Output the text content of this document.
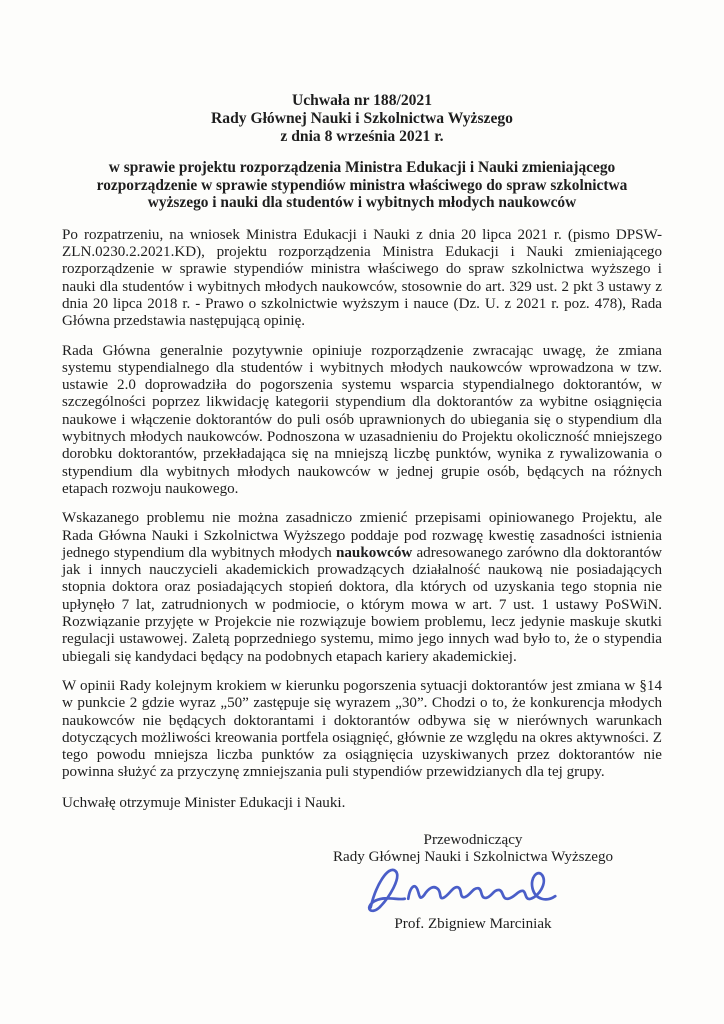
Uchwała nr 188/2021
Rady Głównej Nauki i Szkolnictwa Wyższego
z dnia 8 września 2021 r.
w sprawie projektu rozporządzenia Ministra Edukacji i Nauki zmieniającego rozporządzenie w sprawie stypendiów ministra właściwego do spraw szkolnictwa wyższego i nauki dla studentów i wybitnych młodych naukowców

Po rozpatrzeniu, na wniosek Ministra Edukacji i Nauki z dnia 20 lipca 2021 r. (pismo DPSW-ZLN.0230.2.2021.KD), projektu rozporządzenia Ministra Edukacji i Nauki zmieniającego rozporządzenie w sprawie stypendiów ministra właściwego do spraw szkolnictwa wyższego i nauki dla studentów i wybitnych młodych naukowców, stosownie do art. 329 ust. 2 pkt 3 ustawy z dnia 20 lipca 2018 r. - Prawo o szkolnictwie wyższym i nauce (Dz. U. z 2021 r. poz. 478), Rada Główna przedstawia następującą opinię.

Rada Główna generalnie pozytywnie opiniuje rozporządzenie zwracając uwagę, że zmiana systemu stypendialnego dla studentów i wybitnych młodych naukowców wprowadzona w tzw. ustawie 2.0 doprowadziła do pogorszenia systemu wsparcia stypendialnego doktorantów, w szczególności poprzez likwidację kategorii stypendium dla doktorantów za wybitne osiągnięcia naukowe i włączenie doktorantów do puli osób uprawnionych do ubiegania się o stypendium dla wybitnych młodych naukowców. Podnoszona w uzasadnieniu do Projektu okoliczność mniejszego dorobku doktorantów, przekładająca się na mniejszą liczbę punktów, wynika z rywalizowania o stypendium dla wybitnych młodych naukowców w jednej grupie osób, będących na różnych etapach rozwoju naukowego.

Wskazanego problemu nie można zasadniczo zmienić przepisami opiniowanego Projektu, ale Rada Główna Nauki i Szkolnictwa Wyższego poddaje pod rozwagę kwestię zasadności istnienia jednego stypendium dla wybitnych młodych naukowców adresowanego zarówno dla doktorantów jak i innych nauczycieli akademickich prowadzących działalność naukową nie posiadających stopnia doktora oraz posiadających stopień doktora, dla których od uzyskania tego stopnia nie upłynęło 7 lat, zatrudnionych w podmiocie, o którym mowa w art. 7 ust. 1 ustawy PoSWiN. Rozwiązanie przyjęte w Projekcie nie rozwiązuje bowiem problemu, lecz jedynie maskuje skutki regulacji ustawowej. Zaletą poprzedniego systemu, mimo jego innych wad było to, że o stypendia ubiegali się kandydaci będący na podobnych etapach kariery akademickiej.

W opinii Rady kolejnym krokiem w kierunku pogorszenia sytuacji doktorantów jest zmiana w §14 w punkcie 2 gdzie wyraz „50” zastępuje się wyrazem „30”. Chodzi o to, że konkurencja młodych naukowców nie będących doktorantami i doktorantów odbywa się w nierównych warunkach dotyczących możliwości kreowania portfela osiągnięć, głównie ze względu na okres aktywności. Z tego powodu mniejsza liczba punktów za osiągnięcia uzyskiwanych przez doktorantów nie powinna służyć za przyczynę zmniejszania puli stypendiów przewidzianych dla tej grupy.

Uchwałę otrzymuje Minister Edukacji i Nauki.

Przewodniczący
Rady Głównej Nauki i Szkolnictwa Wyższego
Prof. Zbigniew Marciniak
